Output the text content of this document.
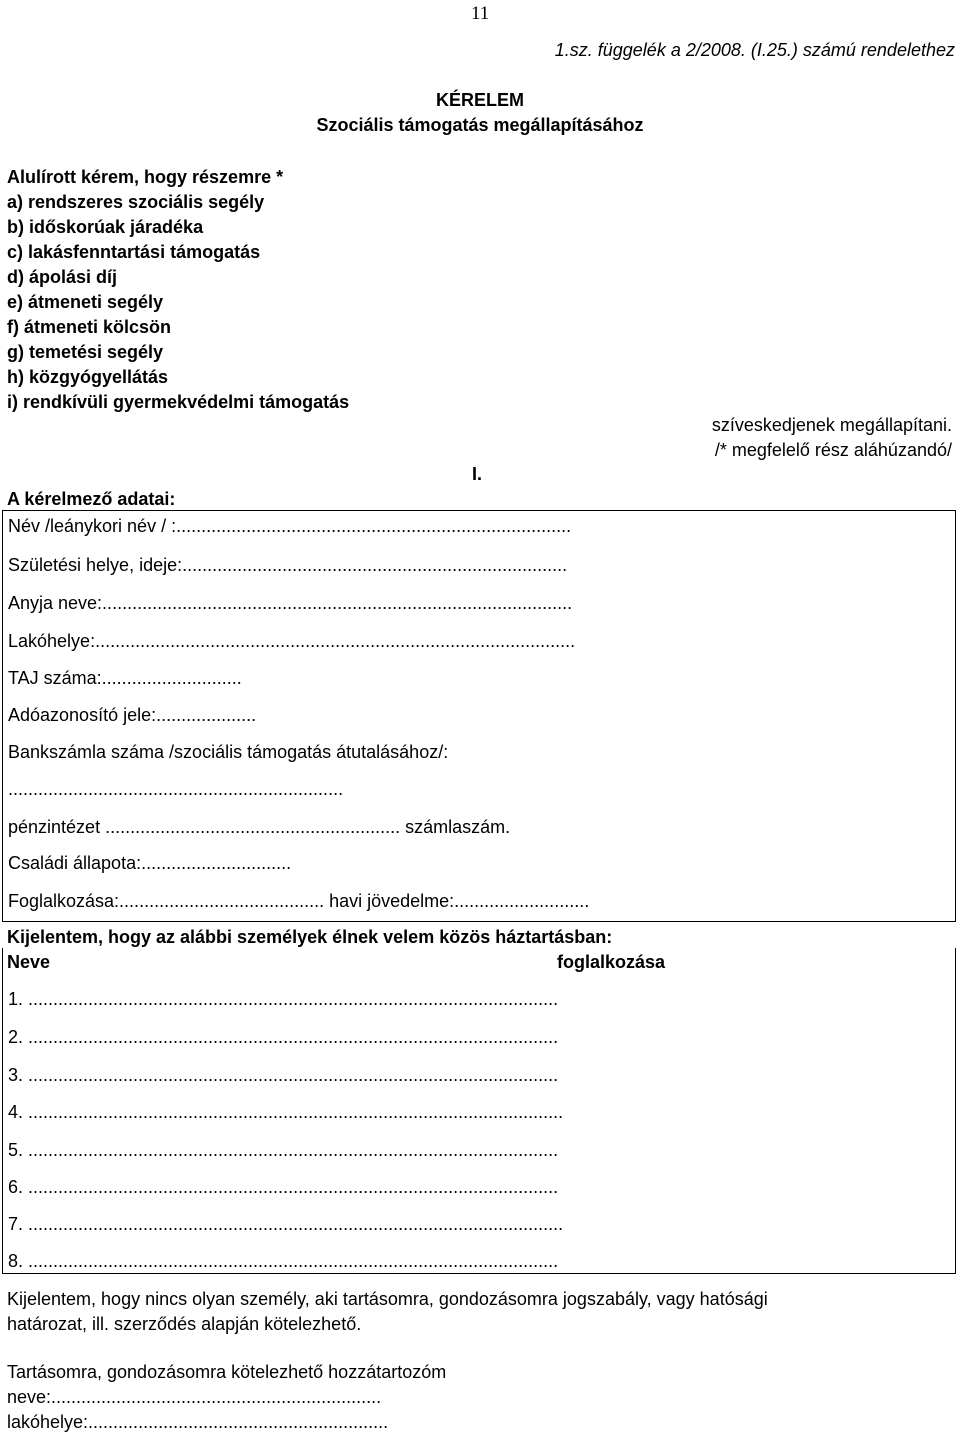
11
1.sz. függelék a 2/2008. (I.25.) számú rendelethez
KÉRELEM
Szociális támogatás megállapításához
Alulírott kérem, hogy részemre *
a) rendszeres szociális segély
b) időskorúak járadéka
c) lakásfenntartási támogatás
d) ápolási díj
e) átmeneti segély
f) átmeneti kölcsön
g) temetési segély
h) közgyógyellátás
i) rendkívüli gyermekvédelmi támogatás
szíveskedjenek megállapítani.
/* megfelelő rész aláhúzandó/
I.
A kérelmező adatai:
Név /leánykori név / :...............................................................................
Születési helye, ideje:.............................................................................
Anyja neve:..............................................................................................
Lakóhelye:................................................................................................
TAJ száma:............................
Adóazonosító jele:....................
Bankszámla száma /szociális támogatás átutalásához/:
...................................................................
pénzintézet ........................................................... számlaszám.
Családi állapota:..............................
Foglalkozása:......................................... havi jövedelme:...........................
Kijelentem, hogy az alábbi személyek élnek velem közös háztartásban:
Neve	foglalkozása
1. ..........................................................................................................
2. ..........................................................................................................
3. ..........................................................................................................
4. ...........................................................................................................
5. ..........................................................................................................
6. ..........................................................................................................
7. ...........................................................................................................
8. ..........................................................................................................
Kijelentem, hogy nincs olyan személy, aki tartásomra, gondozásomra jogszabály, vagy hatósági
határozat, ill. szerződés alapján kötelezhető.
Tartásomra, gondozásomra kötelezhető hozzátartozóm
neve:..................................................................
lakóhelye:............................................................
